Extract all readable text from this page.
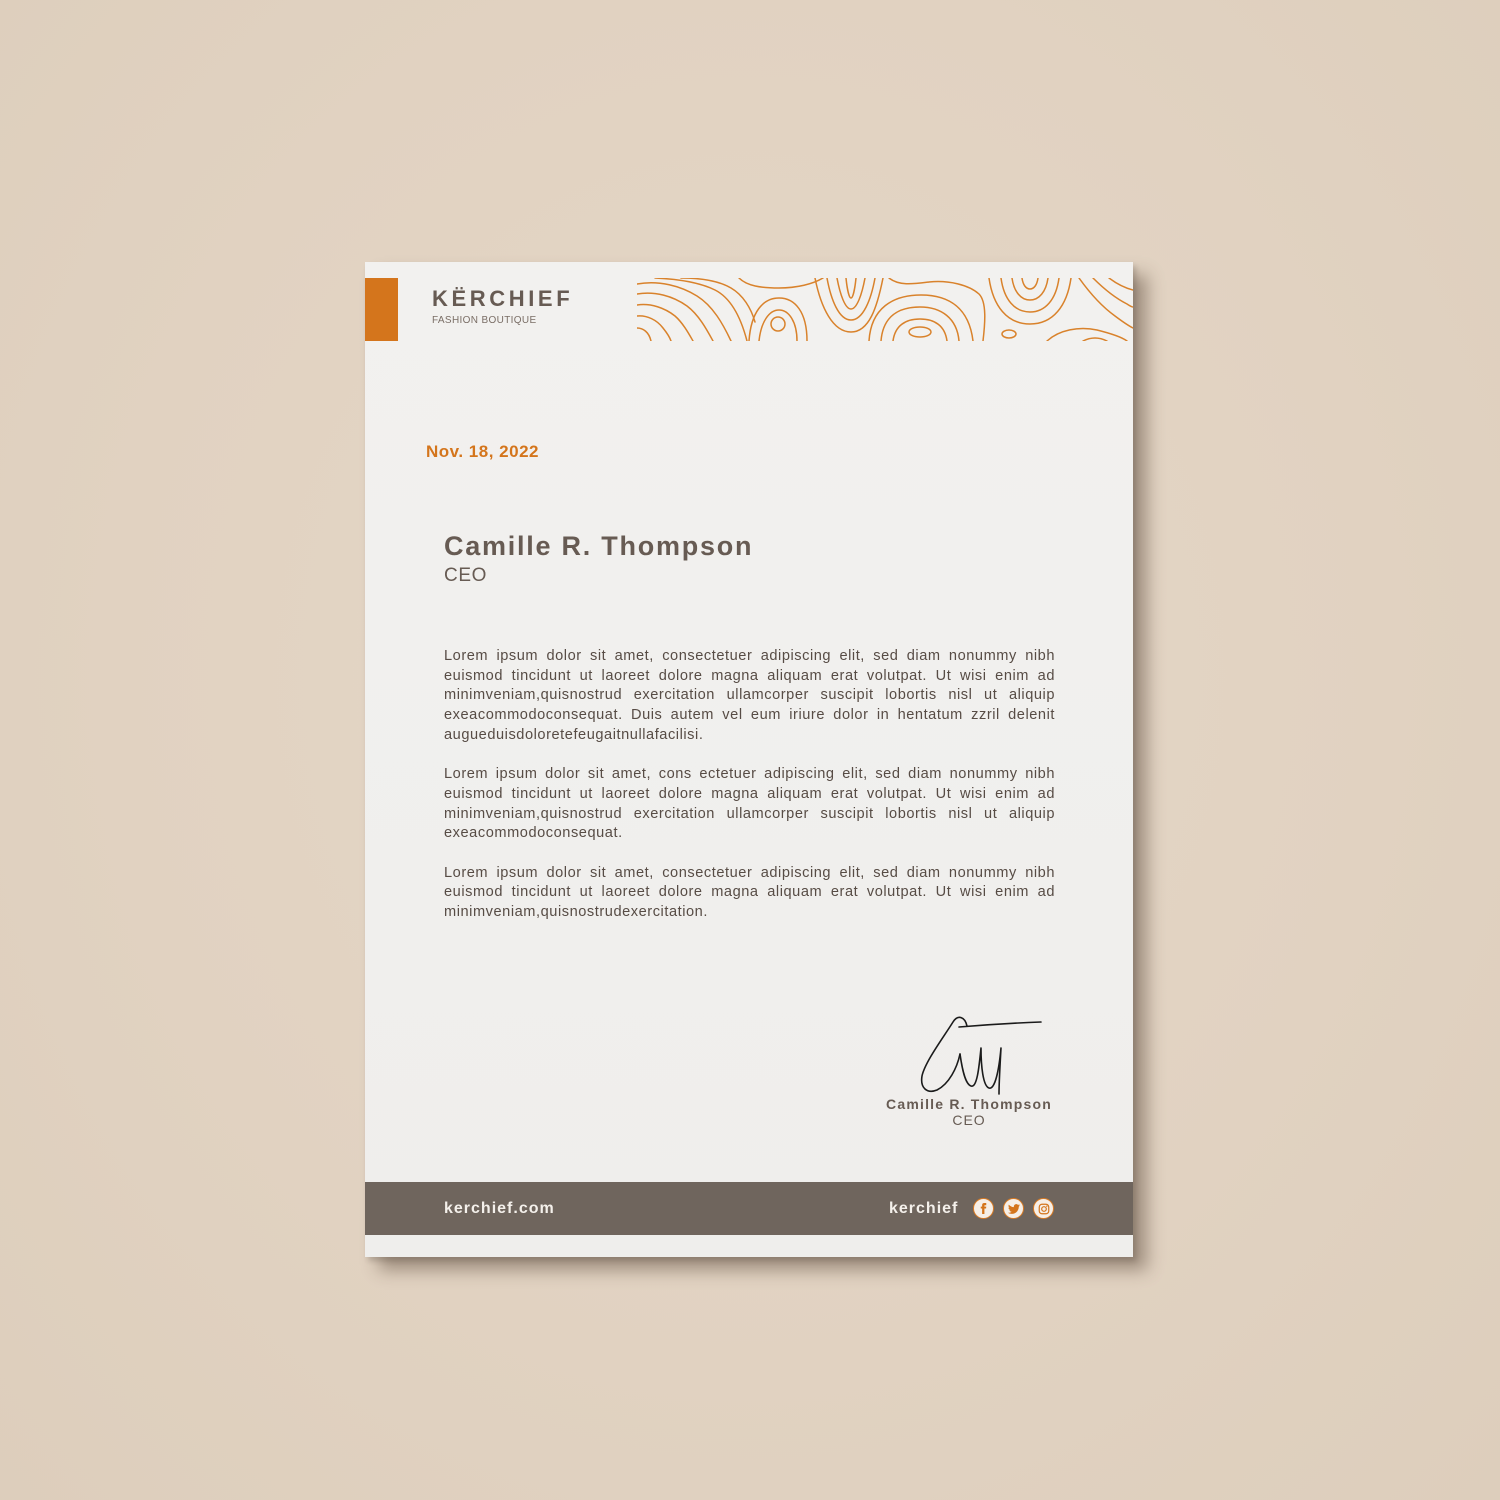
KËRCHIEF
FASHION BOUTIQUE
Nov. 18, 2022
Camille R. Thompson
CEO
Lorem ipsum dolor sit amet, consectetuer adipiscing elit, sed diam nonummy nibh
euismod tincidunt ut laoreet dolore magna aliquam erat volutpat. Ut wisi enim ad
minimveniam,quisnostrud exercitation ullamcorper suscipit lobortis nisl ut aliquip
exeacommodoconsequat. Duis autem vel eum iriure dolor in hentatum zzril delenit
augueduisdoloretefeugaitnullafacilisi.
Lorem ipsum dolor sit amet, cons ectetuer adipiscing elit, sed diam nonummy nibh
euismod tincidunt ut laoreet dolore magna aliquam erat volutpat. Ut wisi enim ad
minimveniam,quisnostrud exercitation ullamcorper suscipit lobortis nisl ut aliquip
exeacommodoconsequat.
Lorem ipsum dolor sit amet, consectetuer adipiscing elit, sed diam nonummy nibh
euismod tincidunt ut laoreet dolore magna aliquam erat volutpat. Ut wisi enim ad
minimveniam,quisnostrudexercitation.
Camille R. Thompson
CEO
kerchief.com	kerchief
